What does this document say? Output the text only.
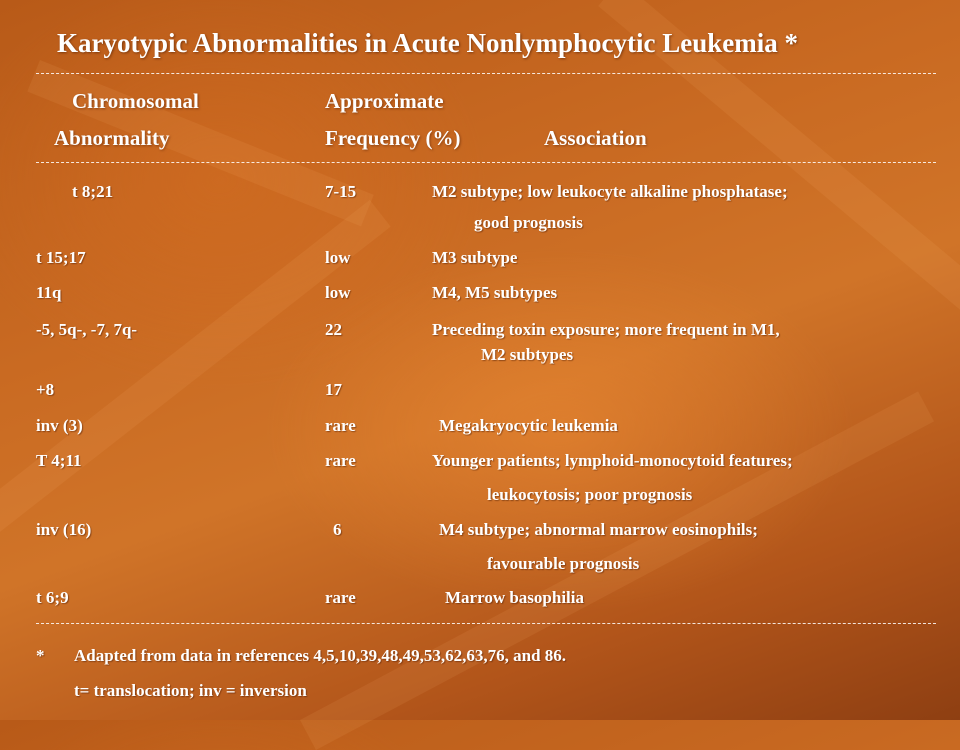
Karyotypic Abnormalities in Acute Nonlymphocytic Leukemia *
Chromosomal	Approximate
Abnormality	Frequency (%)	Association
t 8;21	7-15	M2 subtype; low leukocyte alkaline phosphatase;
good prognosis
t 15;17	low	M3 subtype
11q	low	M4, M5 subtypes
-5, 5q-, -7, 7q-	22	Preceding toxin exposure; more frequent in M1,
M2 subtypes
+8	17
inv (3)	rare	Megakryocytic leukemia
T 4;11	rare	Younger patients; lymphoid-monocytoid features;
leukocytosis; poor prognosis
inv (16)	6	M4 subtype; abnormal marrow eosinophils;
favourable prognosis
t 6;9	rare	Marrow basophilia
* Adapted from data in references 4,5,10,39,48,49,53,62,63,76, and 86.
t= translocation; inv = inversion
